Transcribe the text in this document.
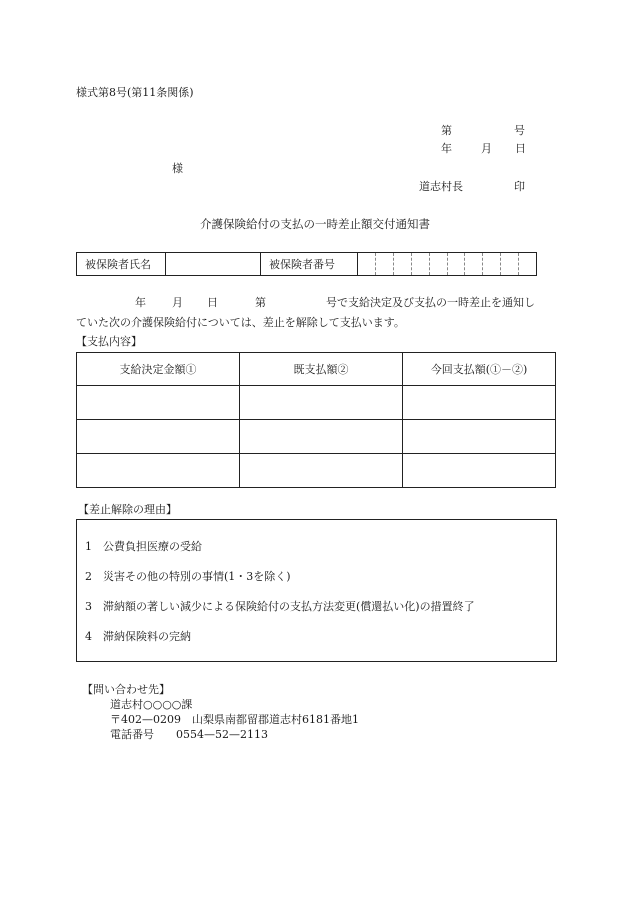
様式第8号(第11条関係)
第	号
年	月 日
様
道志村長	印
介護保険給付の支払の一時差止額交付通知書
被保険者氏名		被保険者番号	
年 月 日	第	号で支給決定及び支払の一時差止を通知し
ていた次の介護保険給付については、差止を解除して支払います。
【支払内容】
支給決定金額①	既支払額②	今回支払額(①－②)

【差止解除の理由】
1　公費負担医療の受給
2　災害その他の特別の事情(1・3を除く)
3　滞納額の著しい減少による保険給付の支払方法変更(償還払い化)の措置終了
4　滞納保険料の完納
【問い合わせ先】
道志村○○○○課
〒402—0209　山梨県南都留郡道志村6181番地1
電話番号　　0554—52—2113
